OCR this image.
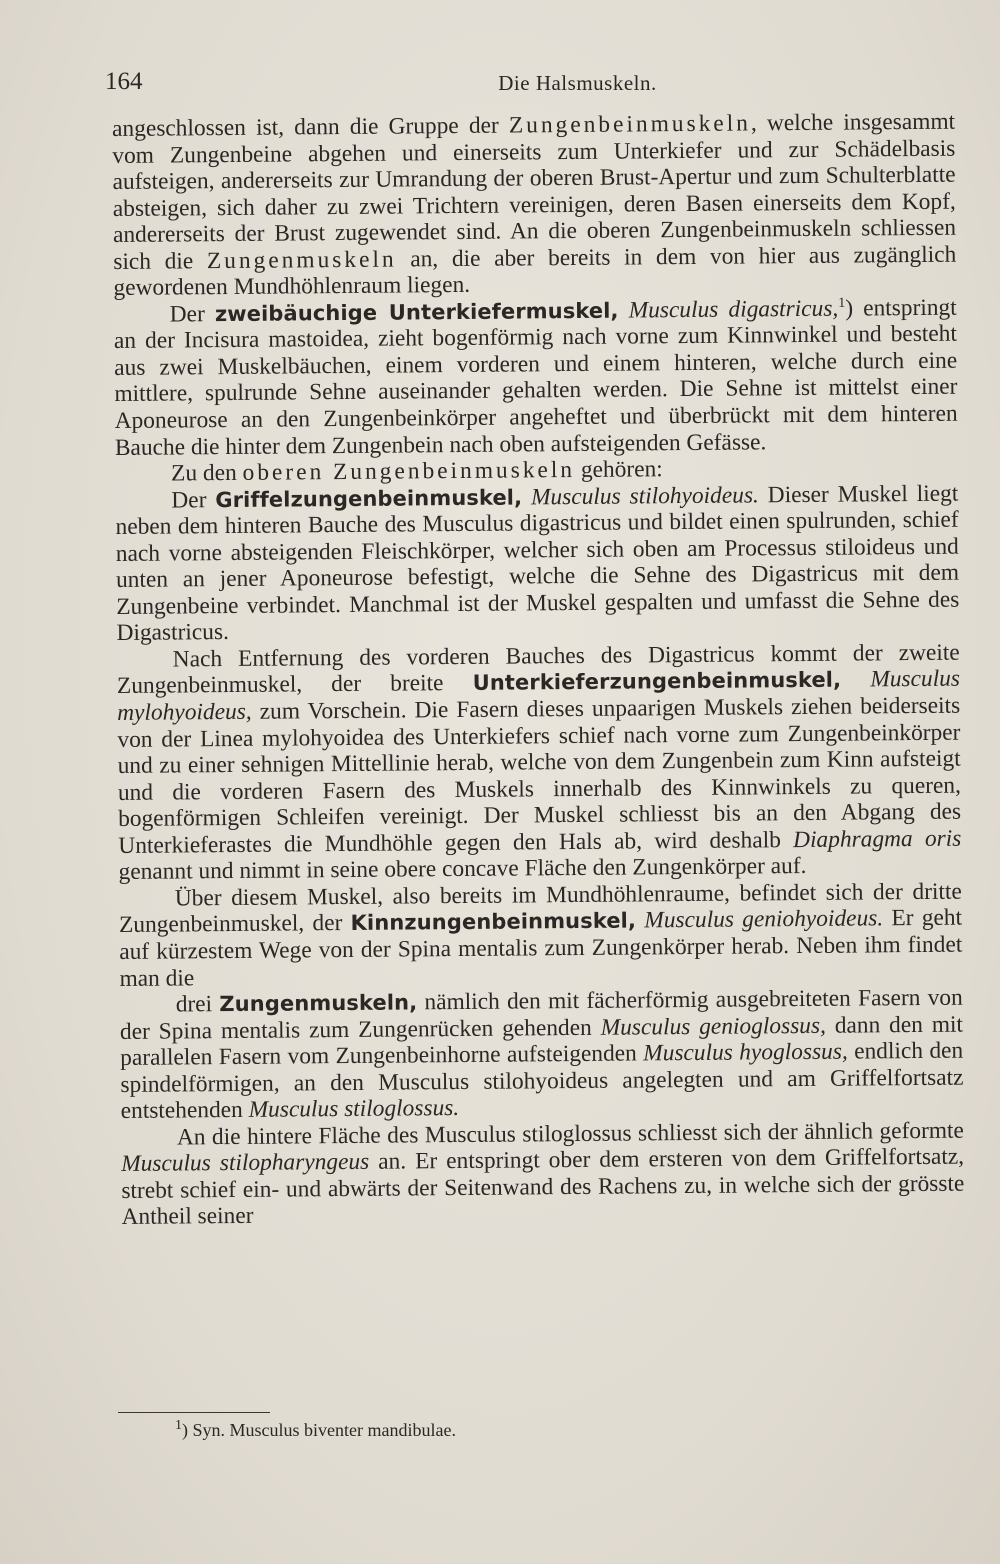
164	Die Halsmuskeln.

angeschlossen ist, dann die Gruppe der Zungenbeinmuskeln, welche insgesammt vom Zungenbeine abgehen und einerseits zum Unterkiefer und zur Schädelbasis aufsteigen, andererseits zur Umrandung der oberen Brust-Apertur und zum Schulterblatte absteigen, sich daher zu zwei Trichtern vereinigen, deren Basen einerseits dem Kopf, andererseits der Brust zugewendet sind. An die oberen Zungenbeinmuskeln schliessen sich die Zungenmuskeln an, die aber bereits in dem von hier aus zugänglich gewordenen Mundhöhlenraum liegen.

Der zweibäuchige Unterkiefermuskel, Musculus digastricus,$^1$) entspringt an der Incisura mastoidea, zieht bogenförmig nach vorne zum Kinnwinkel und besteht aus zwei Muskelbäuchen, einem vorderen und einem hinteren, welche durch eine mittlere, spulrunde Sehne auseinander gehalten werden. Die Sehne ist mittelst einer Aponeurose an den Zungenbeinkörper angeheftet und überbrückt mit dem hinteren Bauche die hinter dem Zungenbein nach oben aufsteigenden Gefässe.

Zu den oberen Zungenbeinmuskeln gehören:

Der Griffelzungenbeinmuskel, Musculus stilohyoideus. Dieser Muskel liegt neben dem hinteren Bauche des Musculus digastricus und bildet einen spulrunden, schief nach vorne absteigenden Fleischkörper, welcher sich oben am Processus stiloideus und unten an jener Aponeurose befestigt, welche die Sehne des Digastricus mit dem Zungenbeine verbindet. Manchmal ist der Muskel gespalten und umfasst die Sehne des Digastricus.

Nach Entfernung des vorderen Bauches des Digastricus kommt der zweite Zungenbeinmuskel, der breite Unterkieferzungenbeinmuskel, Musculus mylohyoideus, zum Vorschein. Die Fasern dieses unpaarigen Muskels ziehen beiderseits von der Linea mylohyoidea des Unterkiefers schief nach vorne zum Zungenbeinkörper und zu einer sehnigen Mittellinie herab, welche von dem Zungenbein zum Kinn aufsteigt und die vorderen Fasern des Muskels innerhalb des Kinnwinkels zu queren, bogenförmigen Schleifen vereinigt. Der Muskel schliesst bis an den Abgang des Unterkieferastes die Mundhöhle gegen den Hals ab, wird deshalb Diaphragma oris genannt und nimmt in seine obere concave Fläche den Zungenkörper auf.

Über diesem Muskel, also bereits im Mundhöhlenraume, befindet sich der dritte Zungenbeinmuskel, der Kinnzungenbeinmuskel, Musculus geniohyoideus. Er geht auf kürzestem Wege von der Spina mentalis zum Zungenkörper herab. Neben ihm findet man die

drei Zungenmuskeln, nämlich den mit fächerförmig ausgebreiteten Fasern von der Spina mentalis zum Zungenrücken gehenden Musculus genioglossus, dann den mit parallelen Fasern vom Zungenbeinhorne aufsteigenden Musculus hyoglossus, endlich den spindelförmigen, an den Musculus stilohyoideus angelegten und am Griffelfortsatz entstehenden Musculus stiloglossus.

An die hintere Fläche des Musculus stiloglossus schliesst sich der ähnlich geformte Musculus stilopharyngeus an. Er entspringt ober dem ersteren von dem Griffelfortsatz, strebt schief ein- und abwärts der Seitenwand des Rachens zu, in welche sich der grösste Antheil seiner

$^1$) Syn. Musculus biventer mandibulae.
